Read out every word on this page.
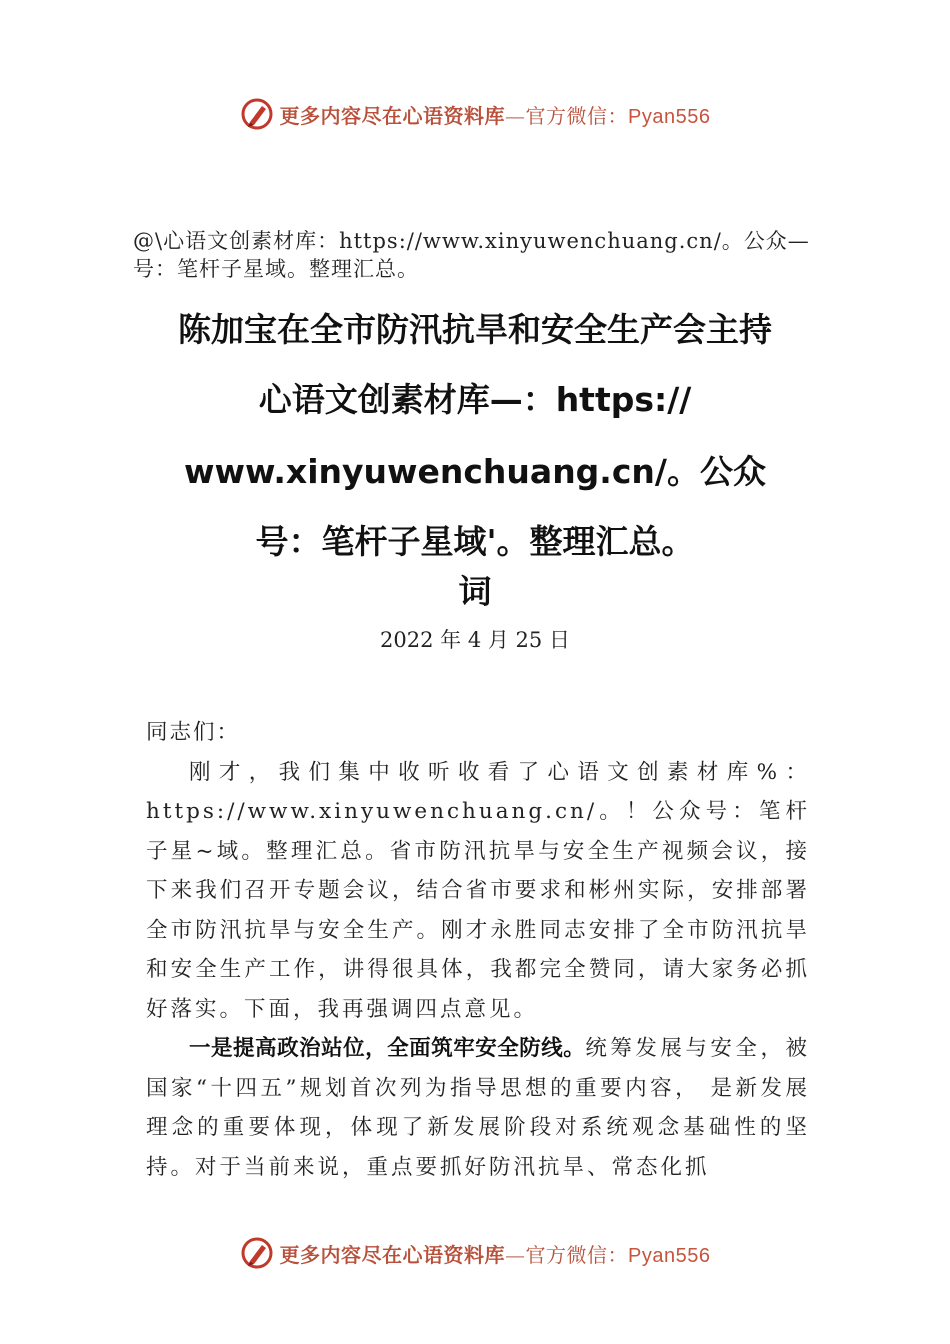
更多内容尽在心语资料库—官方微信：Pyan556
@\心语文创素材库：https://www.xinyuwenchuang.cn/。公众—号：笔杆子星域。整理汇总。
陈加宝在全市防汛抗旱和安全生产会主持
心语文创素材库—：https://
www.xinyuwenchuang.cn/。公众
号：笔杆子星域'。整理汇总。
词
2022 年 4 月 25 日

同志们：

刚才，我们集中收听收看了心语文创素材库%：https://www.xinyuwenchuang.cn/。！公众号：笔杆子星~域。整理汇总。省市防汛抗旱与安全生产视频会议，接下来我们召开专题会议，结合省市要求和彬州实际，安排部署全市防汛抗旱与安全生产。刚才永胜同志安排了全市防汛抗旱和安全生产工作，讲得很具体，我都完全赞同，请大家务必抓好落实。下面，我再强调四点意见。

一是提高政治站位，全面筑牢安全防线。统筹发展与安全，被国家“十四五”规划首次列为指导思想的重要内容， 是新发展理念的重要体现，体现了新发展阶段对系统观念基础性的坚持。对于当前来说，重点要抓好防汛抗旱、常态化抓

更多内容尽在心语资料库—官方微信：Pyan556
